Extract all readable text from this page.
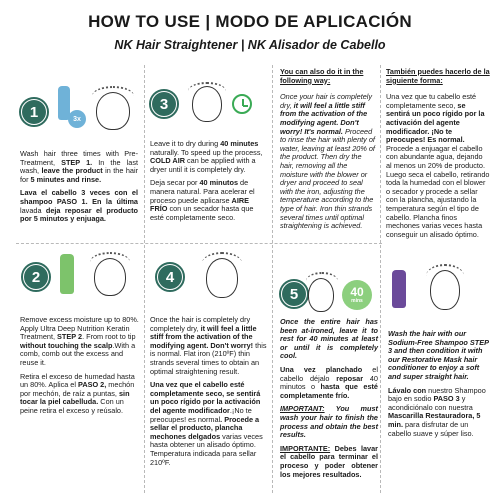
HOW TO USE | MODO DE APLICACIÓN
NK Hair Straightener | NK Alisador de Cabello
1	3x

Wash hair three times with Pre-Treatment, STEP 1. In the last wash, leave the product in the hair for 5 minutes and rinse.

Lava el cabello 3 veces con el shampoo PASO 1. En la última lavada deja reposar el producto por 5 minutos y enjuaga.

3

Leave it to dry during 40 minutes naturally. To speed up the process, COLD AIR can be applied with a dryer until it is completely dry.

Deja secar por 40 minutos de manera natural. Para acelerar el proceso puede aplicarse AIRE FRÍO con un secador hasta que esté completamente seco.

You can also do it in the following way:

Once your hair is completely dry, it will feel a little stiff from the activation of the modifying agent. Don't worry! It's normal. Proceed to rinse the hair with plenty of water, leaving at least 20% of the product. Then dry the hair, removing all the moisture with the blower or dryer and proceed to seal with the iron, adjusting the temperature according to the type of hair. Iron thin strands several times until optimal straightening is achieved.

También puedes hacerlo de la siguiente forma:

Una vez que tu cabello esté completamente seco, se sentirá un poco rígido por la activación del agente modificador. ¡No te preocupes! Es normal. Procede a enjuagar el cabello con abundante agua, dejando al menos un 20% de producto. Luego seca el cabello, retirando toda la humedad con el blower o secador y procede a sellar con la plancha, ajustando la temperatura según el tipo de cabello. Plancha finos mechones varias veces hasta conseguir un alisado óptimo.

2

Remove excess moisture up to 80%. Apply Ultra Deep Nutrition Keratin Treatment, STEP 2. From root to tip without touching the scalp.With a comb, comb out the excess and reuse it.

Retira el exceso de humedad hasta un 80%. Aplica el PASO 2, mechón por mechón, de raíz a puntas, sin tocar la piel cabelluda. Con un peine retira el exceso y reúsalo.

4

Once the hair is completely dry completely dry, it will feel a little stiff from the activation of the modifying agent. Don't worry! this is normal. Flat iron (210ºF) thin strands several times to obtain an optimal straightening result.

Una vez que el cabello esté completamente seco, se sentirá un poco rígido por la activación del agente modificador.¡No te preocupes! es normal. Procede a sellar el producto, plancha mechones delgados varias veces hasta obtener un alisado óptimo. Temperatura indicada para sellar 210ºF.

5	40
mins

Once the entire hair has been at-ironed, leave it to rest for 40 minutes at least or until it is completely cool.

Una vez planchado el cabello déjalo reposar 40 minutos o hasta que esté completamente frío.

IMPORTANT: You must wash your hair to finish the process and obtain the best results.

IMPORTANTE: Debes lavar el cabello para terminar el proceso y poder obtener los mejores resultados.

Wash the hair with our Sodium-Free Shampoo STEP 3 and then condition it with our Restorative Mask hair conditioner to enjoy a soft and super straight hair.

Lávalo con nuestro Shampoo bajo en sodio PASO 3 y acondiciónalo con nuestra Mascarilla Restauradora, 5 min. para disfrutar de un cabello suave y súper liso.
